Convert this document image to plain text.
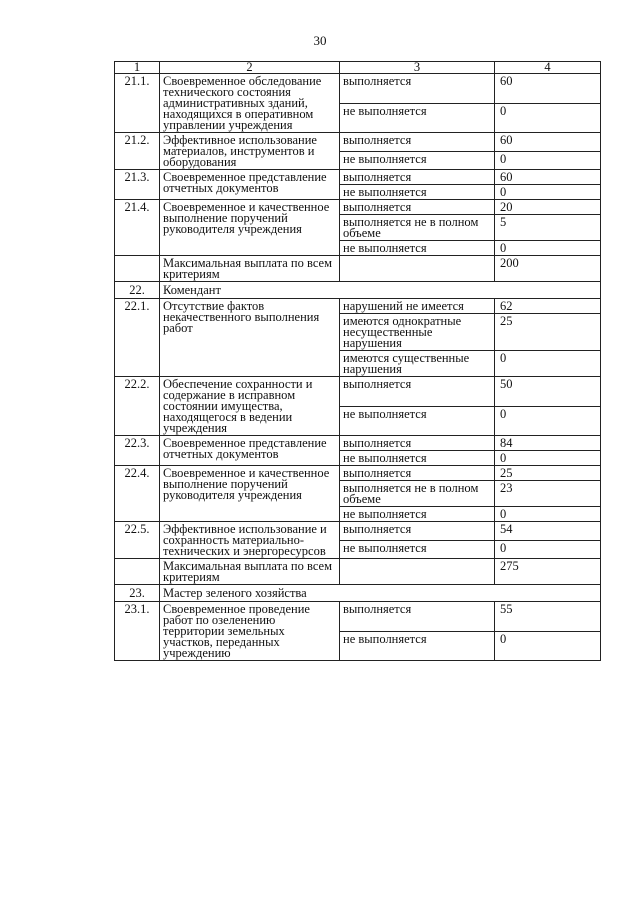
30
1	2	3	4
21.1.	Своевременное обследование технического состояния административных зданий, находящихся в оперативном управлении учреждения	выполняется	60
		не выполняется	0
21.2.	Эффективное использование материалов, инструментов и оборудования	выполняется	60
		не выполняется	0
21.3.	Своевременное представление отчетных документов	выполняется	60
		не выполняется	0
21.4.	Своевременное и качественное выполнение поручений руководителя учреждения	выполняется	20
		выполняется не в полном объеме	5
		не выполняется	0
	Максимальная выплата по всем критериям		200
22.	Комендант		
22.1.	Отсутствие фактов некачественного выполнения работ	нарушений не имеется	62
		имеются однократные несущественные нарушения	25
		имеются существенные нарушения	0
22.2.	Обеспечение сохранности и содержание в исправном состоянии имущества, находящегося в ведении учреждения	выполняется	50
		не выполняется	0
22.3.	Своевременное представление отчетных документов	выполняется	84
		не выполняется	0
22.4.	Своевременное и качественное выполнение поручений руководителя учреждения	выполняется	25
		выполняется не в полном объеме	23
		не выполняется	0
22.5.	Эффективное использование и сохранность материально-технических и энергоресурсов	выполняется	54
		не выполняется	0
	Максимальная выплата по всем критериям		275
23.	Мастер зеленого хозяйства		
23.1.	Своевременное проведение работ по озеленению территории земельных участков, переданных учреждению	выполняется	55
		не выполняется	0
